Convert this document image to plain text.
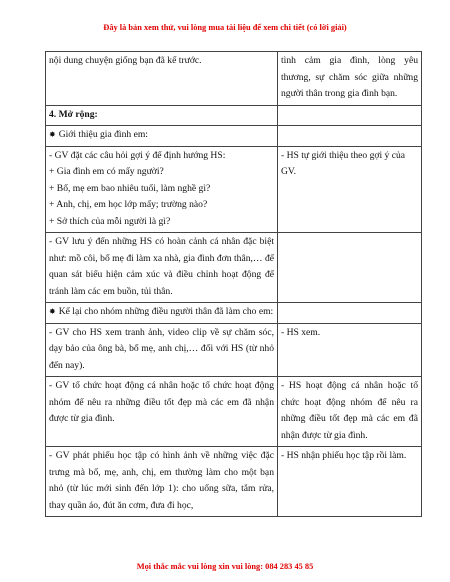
Đây là bản xem thử, vui lòng mua tài liệu để xem chi tiết (có lời giải)
nội dung chuyện giống bạn đã kể trước.	tình cảm gia đình, lòng yêu thương, sự chăm sóc giữa những người thân trong gia đình bạn.
4. Mở rộng:	
✸ Giới thiệu gia đình em:	

- GV đặt các câu hỏi gợi ý để định hướng HS:
+ Gia đình em có mấy người?
+ Bố, mẹ em bao nhiêu tuổi, làm nghề gì?
+ Anh, chị, em học lớp mấy; trường nào?
+ Sở thích của mỗi người là gì?	- HS tự giới thiệu theo gợi ý của GV.
- GV lưu ý đến những HS có hoàn cảnh cá nhân đặc biệt như: mồ côi, bố mẹ đi làm xa nhà, gia đình đơn thân,… để quan sát biểu hiện cảm xúc và điều chỉnh hoạt động để tránh làm các em buồn, tủi thân.	
✸ Kể lại cho nhóm những điều người thân đã làm cho em:	
- GV cho HS xem tranh ảnh, video clip về sự chăm sóc, dạy bảo của ông bà, bố mẹ, anh chị,… đối với HS (từ nhỏ đến nay).	- HS xem.
- GV tổ chức hoạt động cá nhân hoặc tổ chức hoạt động nhóm để nêu ra những điều tốt đẹp mà các em đã nhận được từ gia đình.	- HS hoạt động cá nhân hoặc tổ chức hoạt động nhóm để nêu ra những điều tốt đẹp mà các em đã nhận được từ gia đình.
- GV phát phiếu học tập có hình ảnh về những việc đặc trưng mà bố, mẹ, anh, chị, em thường làm cho một bạn nhỏ (từ lúc mới sinh đến lớp 1): cho uống sữa, tắm rửa, thay quần áo, đút ăn cơm, đưa đi học,	- HS nhận phiếu học tập rồi làm.
Mọi thắc mắc vui lòng xin vui lòng: 084 283 45 85
